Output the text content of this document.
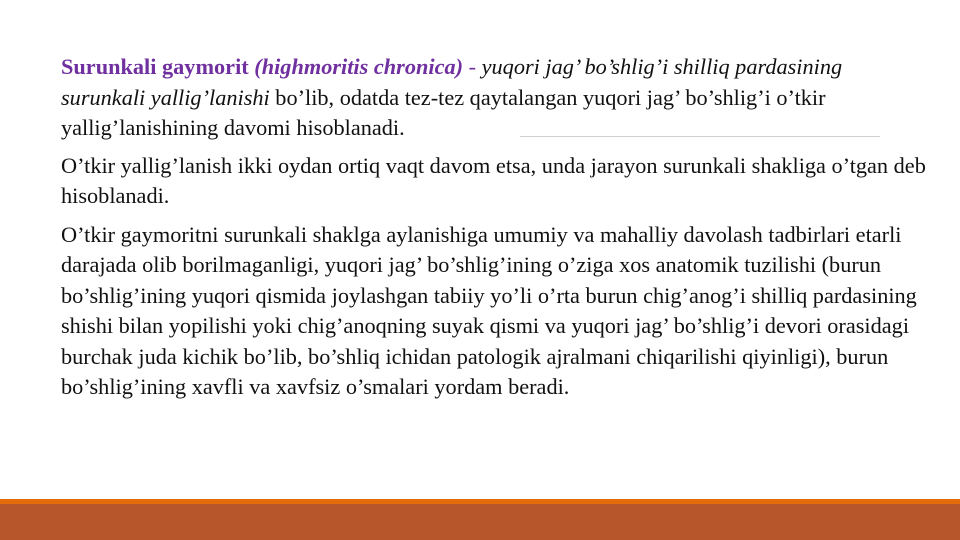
Surunkali gaymorit (highmoritis chronica) - yuqori jag’ bo’shlig’i shilliq pardasining surunkali yallig’lanishi bo’lib, odatda tez-tez qaytalangan yuqori jag’ bo’shlig’i o’tkir yallig’lanishining davomi hisoblanadi.

O’tkir yallig’lanish ikki oydan ortiq vaqt davom etsa, unda jarayon surunkali shakliga o’tgan deb hisoblanadi.

O’tkir gaymoritni surunkali shaklga aylanishiga umumiy va mahalliy davolash tadbirlari etarli darajada olib borilmaganligi, yuqori jag’ bo’shlig’ining o’ziga xos anatomik tuzilishi (burun bo’shlig’ining yuqori qismida joylashgan tabiiy yo’li o’rta burun chig’anog’i shilliq pardasining shishi bilan yopilishi yoki chig’anoqning suyak qismi va yuqori jag’ bo’shlig’i devori orasidagi burchak juda kichik bo’lib, bo’shliq ichidan patologik ajralmani chiqarilishi qiyinligi), burun bo’shlig’ining xavfli va xavfsiz o’smalari yordam beradi.
